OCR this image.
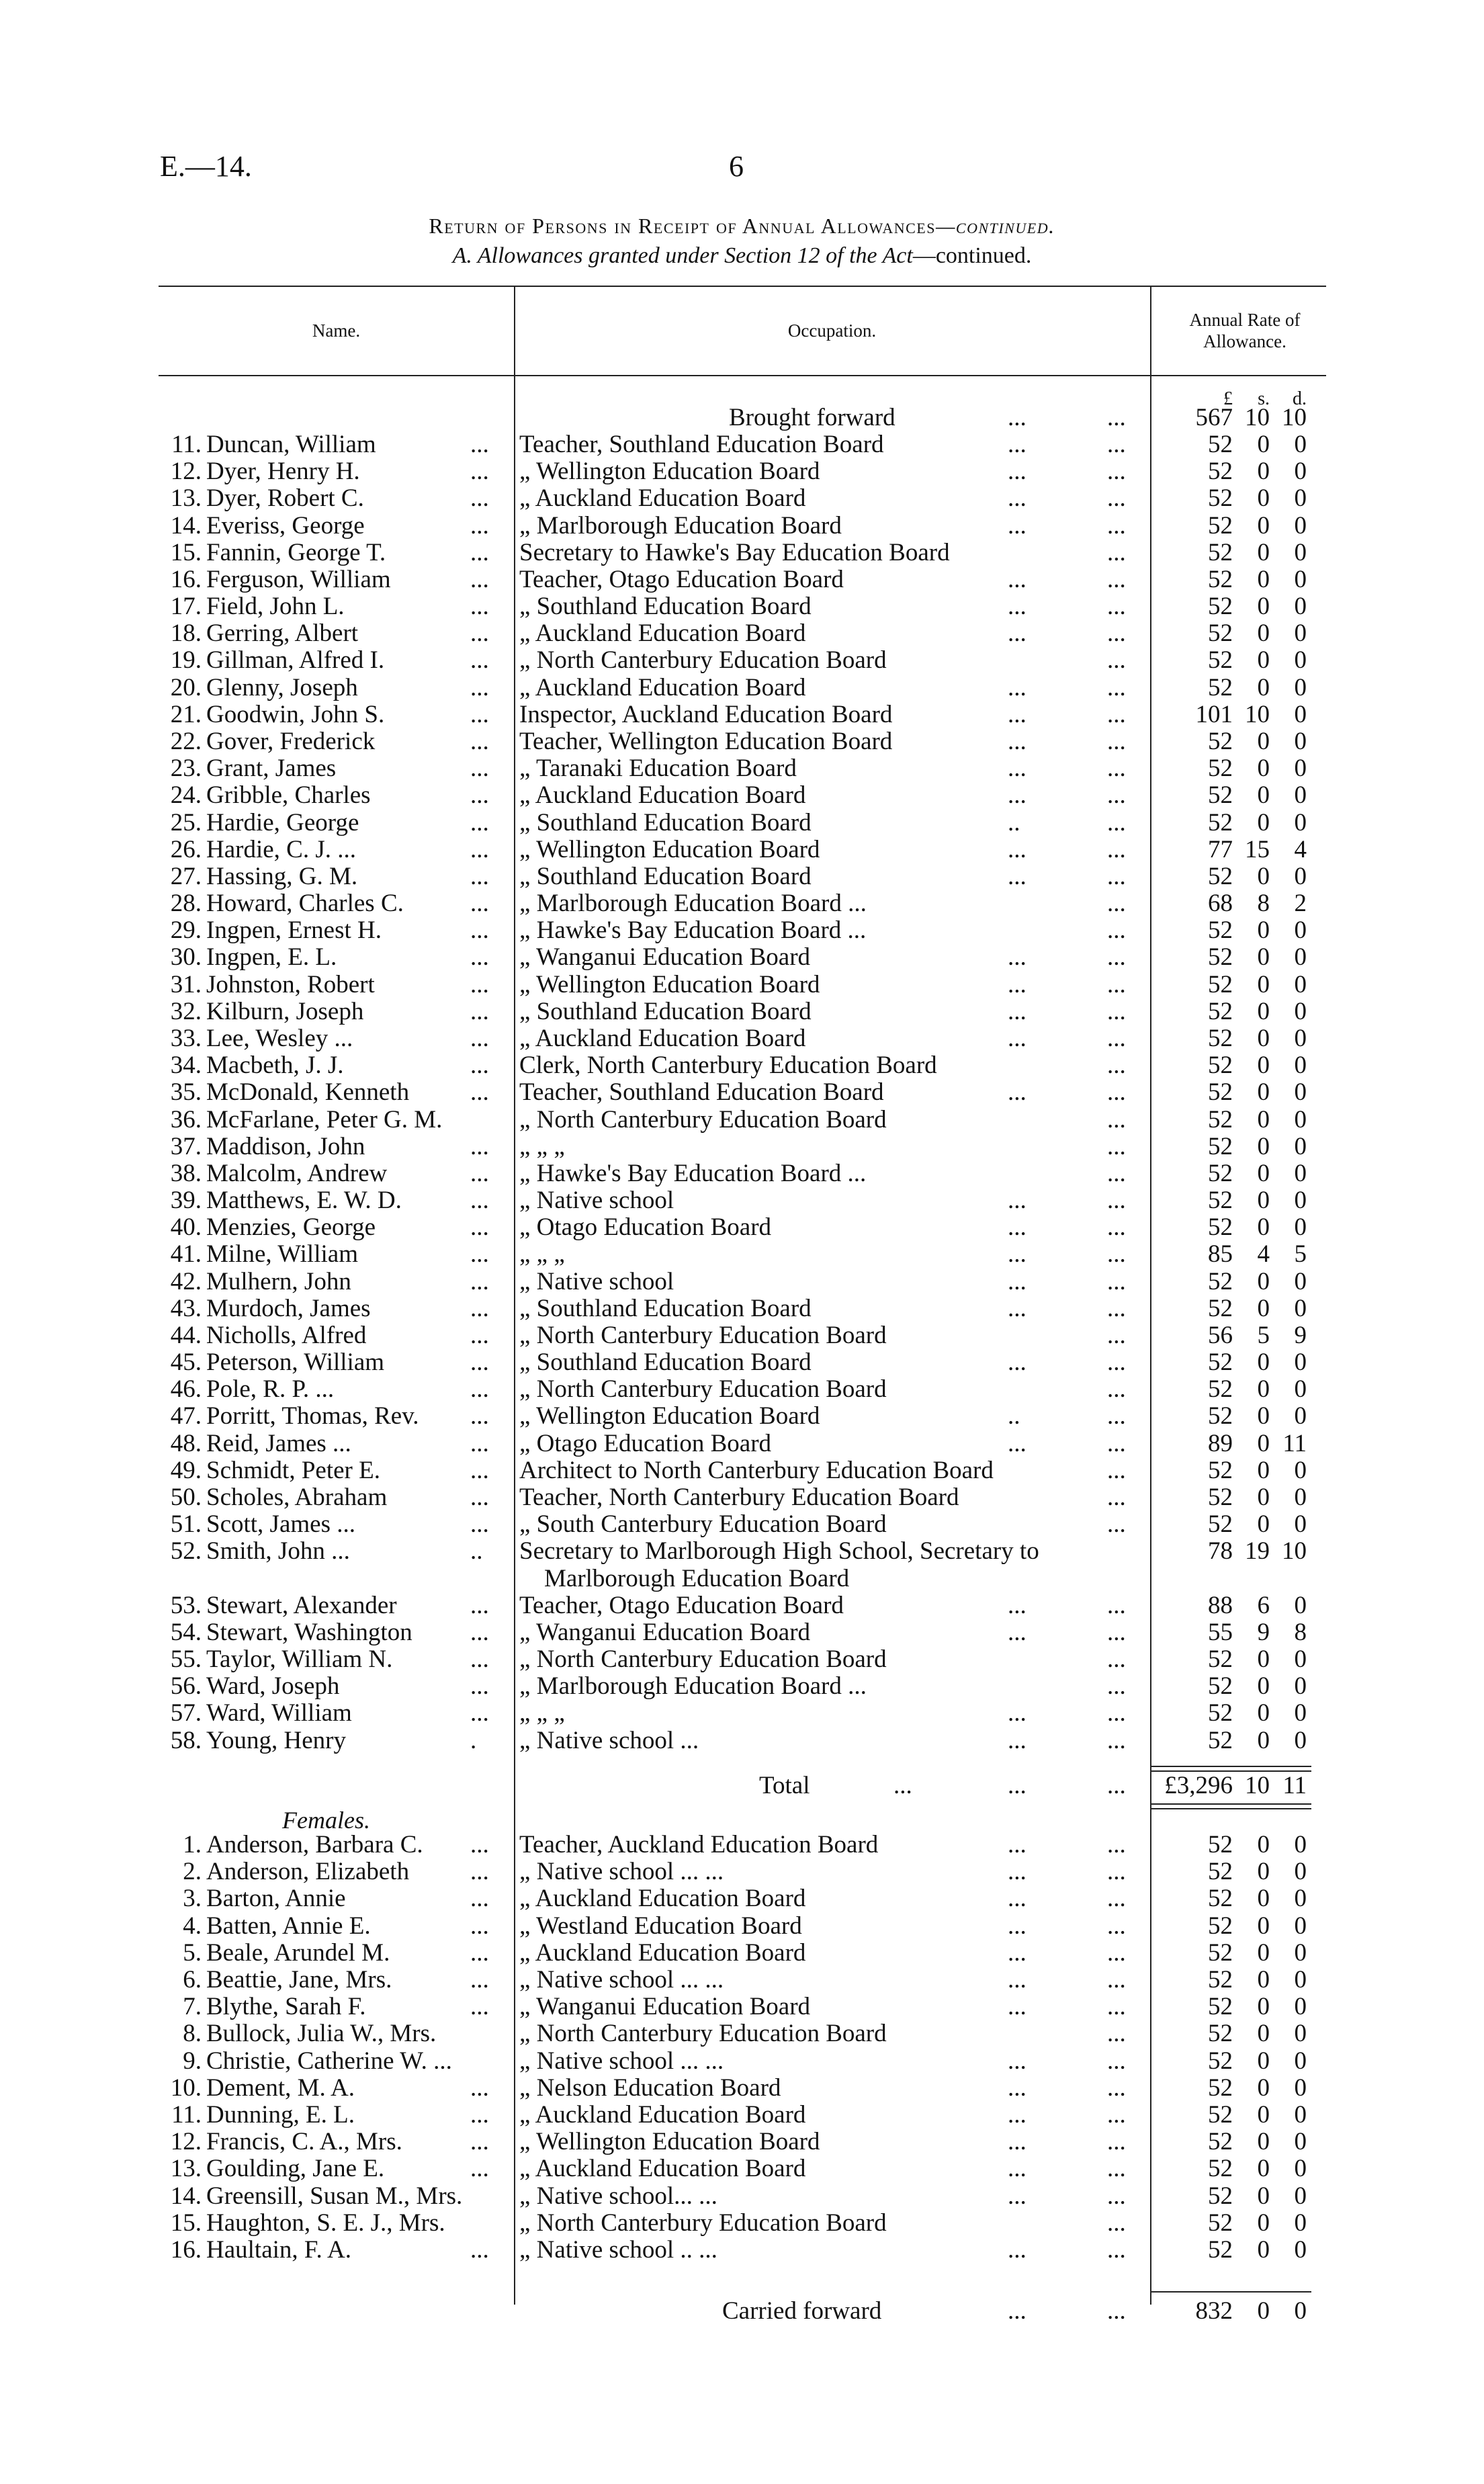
E.—14.	6
Return of Persons in Receipt of Annual Allowances—continued.
A. Allowances granted under Section 12 of the Act—continued.
Name.	Occupation.
Annual Rate of Allowance.
£	s.	d.
Brought forward	...	...	567 10 10
11. Duncan, William	... Teacher, Southland Education Board	...	...	52 0 0
12. Dyer, Henry H.	... „ Wellington Education Board	...	...	52 0 0
13. Dyer, Robert C.	... „ Auckland Education Board	...	...	52 0 0
14. Everiss, George	... „ Marlborough Education Board	...	...	52 0 0
15. Fannin, George T.	... Secretary to Hawke's Bay Education Board	...	52 0 0
16. Ferguson, William	... Teacher, Otago Education Board	...	...	52 0 0
17. Field, John L.	... „ Southland Education Board	...	...	52 0 0
18. Gerring, Albert	... „ Auckland Education Board	...	...	52 0 0
19. Gillman, Alfred I.	... „ North Canterbury Education Board	...	52 0 0
20. Glenny, Joseph	... „ Auckland Education Board	...	...	52 0 0
21. Goodwin, John S.	... Inspector, Auckland Education Board	...	...	101 10 0
22. Gover, Frederick	... Teacher, Wellington Education Board	...	...	52 0 0
23. Grant, James	... „ Taranaki Education Board	...	...	52 0 0
24. Gribble, Charles	... „ Auckland Education Board	...	...	52 0 0
25. Hardie, George	... „ Southland Education Board	..	...	52 0 0
26. Hardie, C. J. ...	... „ Wellington Education Board	...	...	77 15 4
27. Hassing, G. M.	... „ Southland Education Board	...	...	52 0 0
28. Howard, Charles C.	... „ Marlborough Education Board ...	...	68 8 2
29. Ingpen, Ernest H.	... „ Hawke's Bay Education Board ...	...	52 0 0
30. Ingpen, E. L.	... „ Wanganui Education Board	...	...	52 0 0
31. Johnston, Robert	... „ Wellington Education Board	...	...	52 0 0
32. Kilburn, Joseph	... „ Southland Education Board	...	...	52 0 0
33. Lee, Wesley ...	... „ Auckland Education Board	...	...	52 0 0
34. Macbeth, J. J.	... Clerk, North Canterbury Education Board	...	52 0 0
35. McDonald, Kenneth ... Teacher, Southland Education Board	...	...	52 0 0
36. McFarlane, Peter G. M.	„ North Canterbury Education Board	...	52 0 0
37. Maddison, John	... „ „ „	...	52 0 0
38. Malcolm, Andrew	... „ Hawke's Bay Education Board ...	...	52 0 0
39. Matthews, E. W. D.	... „ Native school	...	...	52 0 0
40. Menzies, George	... „ Otago Education Board	...	...	52 0 0
41. Milne, William	... „ „ „	...	...	85 4 5
42. Mulhern, John	... „ Native school	...	...	52 0 0
43. Murdoch, James	... „ Southland Education Board	...	...	52 0 0
44. Nicholls, Alfred	... „ North Canterbury Education Board	...	56 5 9
45. Peterson, William	... „ Southland Education Board	...	...	52 0 0
46. Pole, R. P. ...	... „ North Canterbury Education Board	...	52 0 0
47. Porritt, Thomas, Rev. ... „ Wellington Education Board	..	...	52 0 0
48. Reid, James ...	... „ Otago Education Board	...	...	89 0 11
49. Schmidt, Peter E.	... Architect to North Canterbury Education Board	...	52 0 0
50. Scholes, Abraham	... Teacher, North Canterbury Education Board	...	52 0 0
51. Scott, James ...	... „ South Canterbury Education Board	...	52 0 0
52. Smith, John ...	.. Secretary to Marlborough High School, Secretary to	78 19 10
Marlborough Education Board
53. Stewart, Alexander	... Teacher, Otago Education Board	...	...	88 6 0
54. Stewart, Washington ... „ Wanganui Education Board	...	...	55 9 8
55. Taylor, William N.	... „ North Canterbury Education Board	...	52 0 0
56. Ward, Joseph	... „ Marlborough Education Board ...	...	52 0 0
57. Ward, William	... „ „ „	...	...	52 0 0
58. Young, Henry	. „ Native school ...	...	...	52 0 0
Total	...	...	...	£3,296 10 11
Females.
1. Anderson, Barbara C. ... Teacher, Auckland Education Board	...	...	52 0 0
2. Anderson, Elizabeth ... „ Native school ... ...	...	...	52 0 0
3. Barton, Annie	... „ Auckland Education Board	...	...	52 0 0
4. Batten, Annie E.	... „ Westland Education Board	...	...	52 0 0
5. Beale, Arundel M.	... „ Auckland Education Board	...	...	52 0 0
6. Beattie, Jane, Mrs.	... „ Native school ... ...	...	...	52 0 0
7. Blythe, Sarah F.	... „ Wanganui Education Board	...	...	52 0 0
8. Bullock, Julia W., Mrs.	„ North Canterbury Education Board	...	52 0 0
9. Christie, Catherine W. ...	„ Native school ... ...	...	...	52 0 0
10. Dement, M. A.	... „ Nelson Education Board	...	...	52 0 0
11. Dunning, E. L.	... „ Auckland Education Board	...	...	52 0 0
12. Francis, C. A., Mrs.	... „ Wellington Education Board	...	...	52 0 0
13. Goulding, Jane E.	... „ Auckland Education Board	...	...	52 0 0
14. Greensill, Susan M., Mrs. „ Native school... ...	...	...	52 0 0
15. Haughton, S. E. J., Mrs.	„ North Canterbury Education Board	...	52 0 0
16. Haultain, F. A.	... „ Native school .. ...	...	...	52 0 0
Carried forward	...	...	832 0 0
